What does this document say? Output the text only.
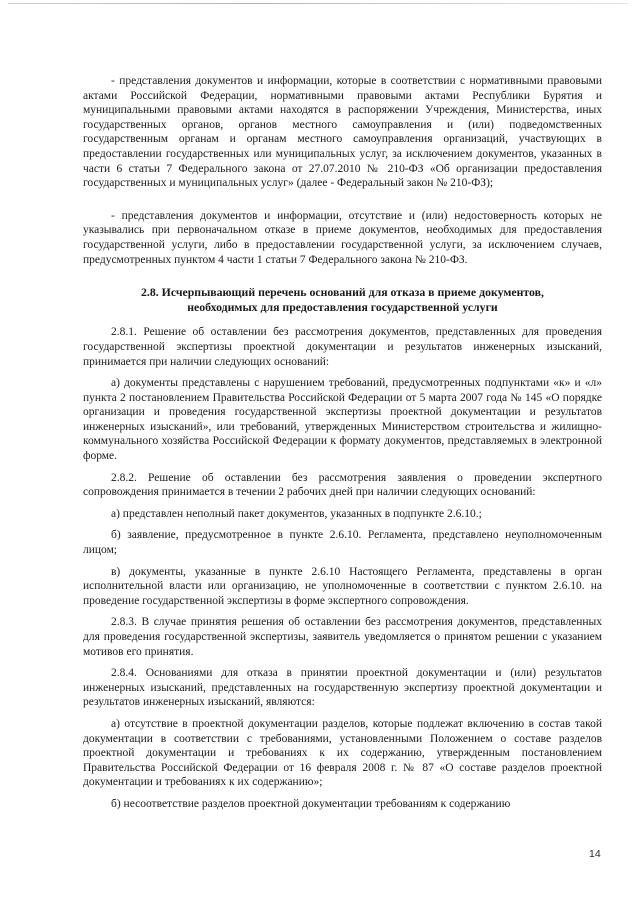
- представления документов и информации, которые в соответствии с нормативными правовыми актами Российской Федерации, нормативными правовыми актами Республики Бурятия и муниципальными правовыми актами находятся в распоряжении Учреждения, Министерства, иных государственных органов, органов местного самоуправления и (или) подведомственных государственным органам и органам местного самоуправления организаций, участвующих в предоставлении государственных или муниципальных услуг, за исключением документов, указанных в части 6 статьи 7 Федерального закона от 27.07.2010 № 210-ФЗ «Об организации предоставления государственных и муниципальных услуг» (далее - Федеральный закон № 210-ФЗ);

- представления документов и информации, отсутствие и (или) недостоверность которых не указывались при первоначальном отказе в приеме документов, необходимых для предоставления государственной услуги, либо в предоставлении государственной услуги, за исключением случаев, предусмотренных пунктом 4 части 1 статьи 7 Федерального закона № 210-ФЗ.

2.8. Исчерпывающий перечень оснований для отказа в приеме документов, необходимых для предоставления государственной услуги

2.8.1. Решение об оставлении без рассмотрения документов, представленных для проведения государственной экспертизы проектной документации и результатов инженерных изысканий, принимается при наличии следующих оснований:

а) документы представлены с нарушением требований, предусмотренных подпунктами «к» и «л» пункта 2 постановлением Правительства Российской Федерации от 5 марта 2007 года № 145 «О порядке организации и проведения государственной экспертизы проектной документации и результатов инженерных изысканий», или требований, утвержденных Министерством строительства и жилищно-коммунального хозяйства Российской Федерации к формату документов, представляемых в электронной форме.

2.8.2. Решение об оставлении без рассмотрения заявления о проведении экспертного сопровождения принимается в течении 2 рабочих дней при наличии следующих оснований:

а) представлен неполный пакет документов, указанных в подпункте 2.6.10.;

б) заявление, предусмотренное в пункте 2.6.10. Регламента, представлено неуполномоченным лицом;

в) документы, указанные в пункте 2.6.10 Настоящего Регламента, представлены в орган исполнительной власти или организацию, не уполномоченные в соответствии с пунктом 2.6.10. на проведение государственной экспертизы в форме экспертного сопровождения.

2.8.3. В случае принятия решения об оставлении без рассмотрения документов, представленных для проведения государственной экспертизы, заявитель уведомляется о принятом решении с указанием мотивов его принятия.

2.8.4. Основаниями для отказа в принятии проектной документации и (или) результатов инженерных изысканий, представленных на государственную экспертизу проектной документации и результатов инженерных изысканий, являются:

а) отсутствие в проектной документации разделов, которые подлежат включению в состав такой документации в соответствии с требованиями, установленными Положением о составе разделов проектной документации и требованиях к их содержанию, утвержденным постановлением Правительства Российской Федерации от 16 февраля 2008 г. № 87 «О составе разделов проектной документации и требованиях к их содержанию»;

б) несоответствие разделов проектной документации требованиям к содержанию

14
